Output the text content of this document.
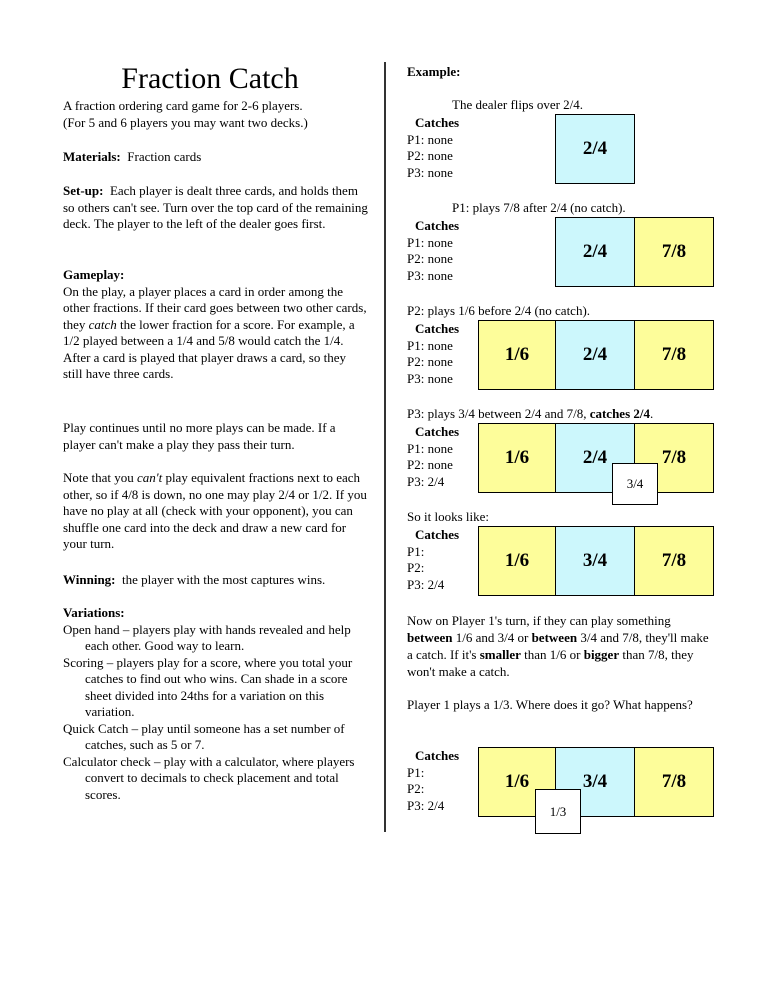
Fraction Catch

A fraction ordering card game for 2-6 players.

(For 5 and 6 players you may want two decks.)

Materials: Fraction cards

Set-up: Each player is dealt three cards, and holds them so others can't see. Turn over the top card of the remaining deck. The player to the left of the dealer goes first.

Gameplay:

On the play, a player places a card in order among the other fractions. If their card goes between two other cards, they catch the lower fraction for a score. For example, a 1/2 played between a 1/4 and 5/8 would catch the 1/4. After a card is played that player draws a card, so they still have three cards.

Play continues until no more plays can be made. If a player can't make a play they pass their turn.

Note that you can't play equivalent fractions next to each other, so if 4/8 is down, no one may play 2/4 or 1/2. If you have no play at all (check with your opponent), you can shuffle one card into the deck and draw a new card for your turn.

Winning: the player with the most captures wins.

Variations:

Open hand – players play with hands revealed and help each other. Good way to learn.

Scoring – players play for a score, where you total your catches to find out who wins. Can shade in a score sheet divided into 24ths for a variation on this variation.

Quick Catch – play until someone has a set number of catches, such as 5 or 7.

Calculator check – play with a calculator, where players convert to decimals to check placement and total scores.

Example:
The dealer flips over 2/4.
Catches
P1: none
P2: none
P3: none
2/4
P1: plays 7/8 after 2/4 (no catch).
Catches
P1: none
P2: none
P3: none
2/4	7/8
P2: plays 1/6 before 2/4 (no catch).
Catches
P1: none
P2: none
P3: none
1/6	2/4	7/8
P3: plays 3/4 between 2/4 and 7/8, catches 2/4.
Catches
P1: none
P2: none
P3: 2/4
1/6	2/4	7/8
3/4
So it looks like:
Catches
P1:
P2:
P3: 2/4
1/6	3/4	7/8
Now on Player 1's turn, if they can play something between 1/6 and 3/4 or between 3/4 and 7/8, they'll make a catch. If it's smaller than 1/6 or bigger than 7/8, they won't make a catch.
Player 1 plays a 1/3. Where does it go? What happens?
Catches
P1:
P2:
P3: 2/4
1/6	3/4	7/8
1/3
